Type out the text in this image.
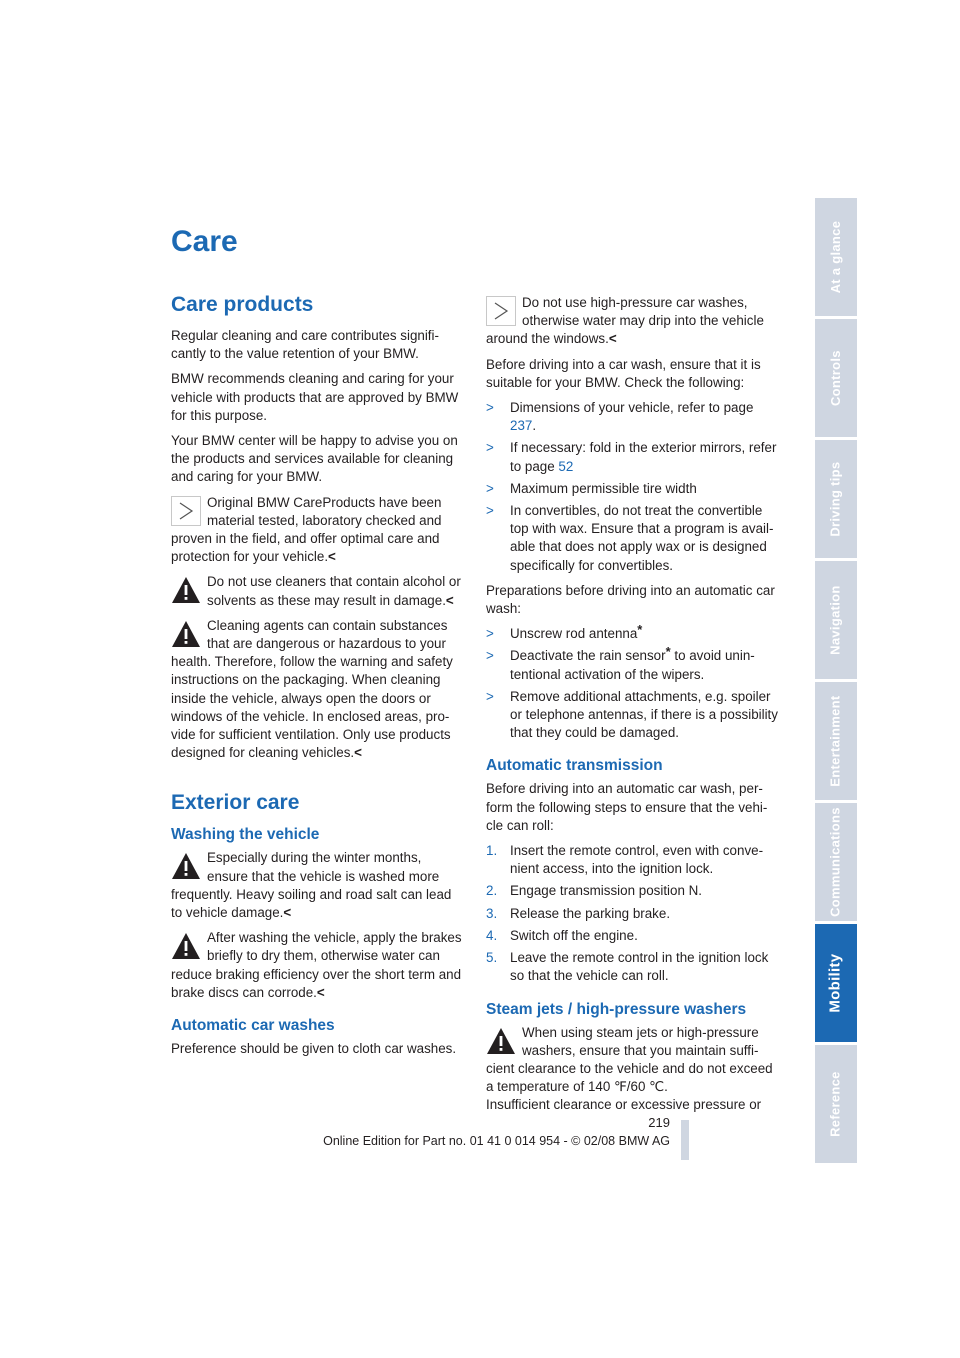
Care
Care products

Regular cleaning and care contributes significantly to the value retention of your BMW.

BMW recommends cleaning and caring for your vehicle with products that are approved by BMW for this purpose.

Your BMW center will be happy to advise you on the products and services available for cleaning and caring for your BMW.

Original BMW CareProducts have been material tested, laboratory checked and proven in the field, and offer optimal care and protection for your vehicle.<
Do not use cleaners that contain alcohol or solvents as these may result in damage.<
Cleaning agents can contain substances that are dangerous or hazardous to your health. Therefore, follow the warning and safety instructions on the packaging. When cleaning inside the vehicle, always open the doors or windows of the vehicle. In enclosed areas, provide for sufficient ventilation. Only use products designed for cleaning vehicles.<
Exterior care
Washing the vehicle
Especially during the winter months, ensure that the vehicle is washed more frequently. Heavy soiling and road salt can lead to vehicle damage.<
After washing the vehicle, apply the brakes briefly to dry them, otherwise water can reduce braking efficiency over the short term and brake discs can corrode.<
Automatic car washes

Preference should be given to cloth car washes.

Do not use high-pressure car washes, otherwise water may drip into the vehicle around the windows.<

Before driving into a car wash, ensure that it is suitable for your BMW. Check the following:

> Dimensions of your vehicle, refer to page 237.
> If necessary: fold in the exterior mirrors, refer to page 52
> Maximum permissible tire width
> In convertibles, do not treat the convertible top with wax. Ensure that a program is available that does not apply wax or is designed specifically for convertibles.

Preparations before driving into an automatic car wash:

> Unscrew rod antenna*
> Deactivate the rain sensor* to avoid unintentional activation of the wipers.
> Remove additional attachments, e.g. spoiler or telephone antennas, if there is a possibility that they could be damaged.
Automatic transmission

Before driving into an automatic car wash, perform the following steps to ensure that the vehicle can roll:

1. Insert the remote control, even with convenient access, into the ignition lock.
2. Engage transmission position N.
3. Release the parking brake.
4. Switch off the engine.
5. Leave the remote control in the ignition lock so that the vehicle can roll.
Steam jets / high-pressure washers
When using steam jets or high-pressure washers, ensure that you maintain sufficient clearance to the vehicle and do not exceed a temperature of 140 ℉/60 ℃.

Insufficient clearance or excessive pressure or

At a glance
Controls
Driving tips
Navigation
Entertainment
Communications
Mobility
Reference
219
Online Edition for Part no. 01 41 0 014 954 - © 02/08 BMW AG
